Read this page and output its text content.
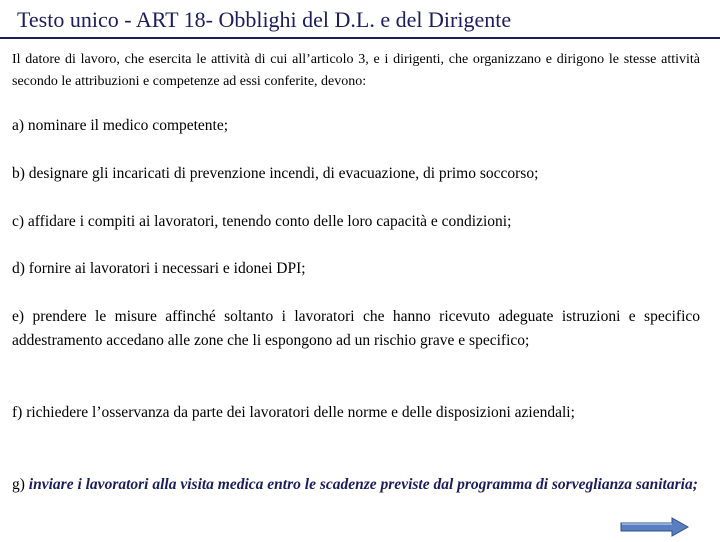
Testo unico - ART 18- Obblighi del D.L. e del Dirigente
Il datore di lavoro, che esercita le attività di cui all’articolo 3, e i dirigenti, che organizzano e dirigono le stesse attività secondo le attribuzioni e competenze ad essi conferite, devono:
a) nominare il medico competente;
b) designare gli incaricati di prevenzione incendi, di evacuazione, di primo soccorso;
c) affidare i compiti ai lavoratori, tenendo conto delle loro capacità e condizioni;
d) fornire ai lavoratori i necessari e idonei DPI;
e) prendere le misure affinché soltanto i lavoratori che hanno ricevuto adeguate istruzioni e specifico addestramento accedano alle zone che li espongono ad un rischio grave e specifico;
f) richiedere l’osservanza da parte dei lavoratori delle norme e delle disposizioni aziendali;
g) inviare i lavoratori alla visita medica entro le scadenze previste dal programma di sorveglianza sanitaria;
